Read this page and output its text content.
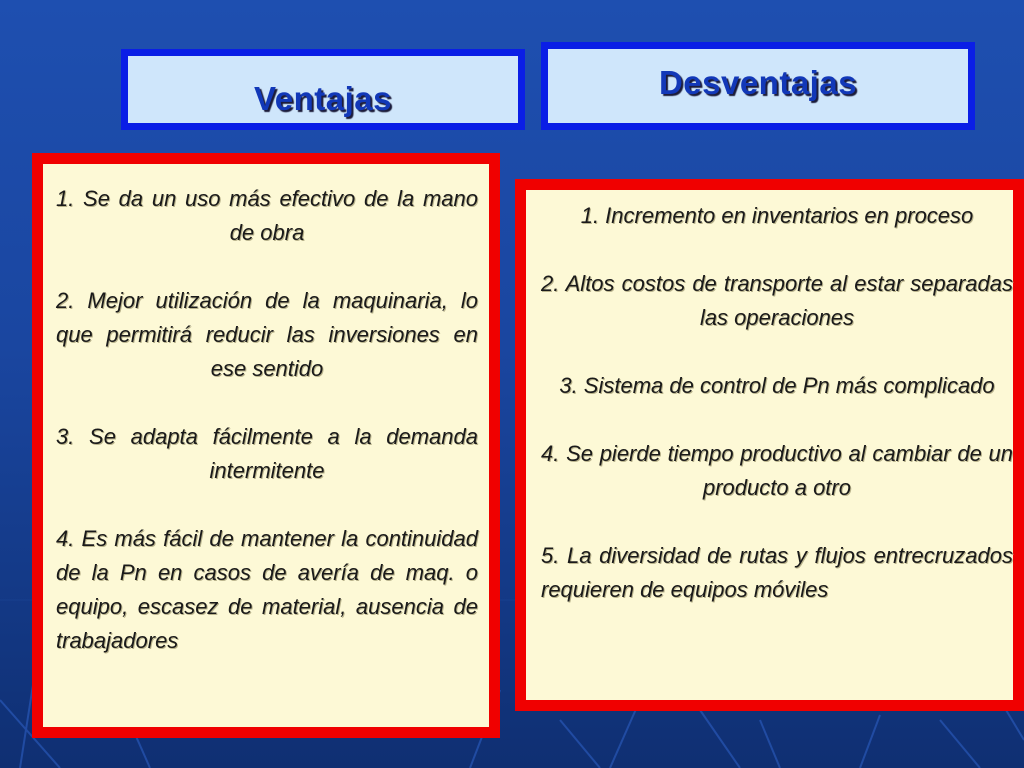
Ventajas	Desventajas

1. Se da un uso más efectivo de la mano de obra

2. Mejor utilización de la maquinaria, lo que permitirá reducir las inversiones en ese sentido

3. Se adapta fácilmente a la demanda intermitente

4. Es más fácil de mantener la continuidad de la Pn en casos de avería de maq. o equipo, escasez de material, ausencia de trabajadores

1. Incremento en inventarios en proceso

2. Altos costos de transporte al estar separadas las operaciones

3. Sistema de control de Pn más complicado

4. Se pierde tiempo productivo al cambiar de un producto a otro

5. La diversidad de rutas y flujos entrecruzados requieren de equipos móviles
